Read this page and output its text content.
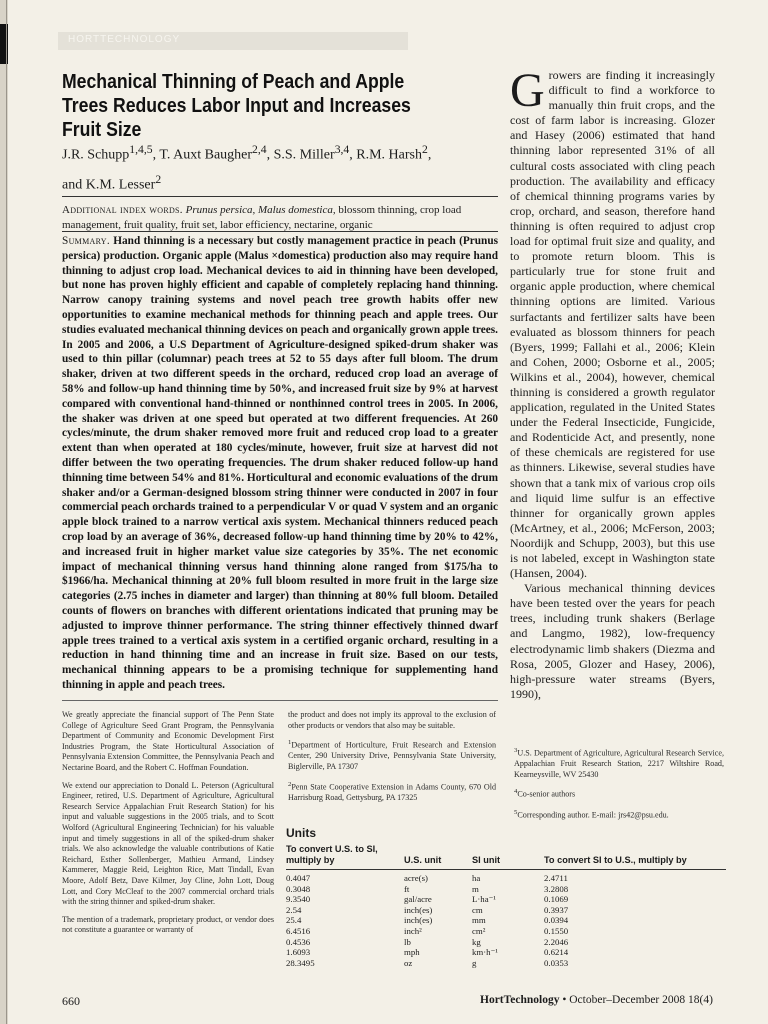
HORTTECHNOLOGY
Mechanical Thinning of Peach and Apple Trees Reduces Labor Input and Increases Fruit Size

J.R. Schupp$^{1,4,5}$, T. Auxt Baugher$^{2,4}$, S.S. Miller$^{3,4}$, R.M. Harsh$^2$,
and K.M. Lesser$^2$

Additional index words. Prunus persica, Malus domestica, blossom thinning, crop load management, fruit quality, fruit set, labor efficiency, nectarine, organic

Summary. Hand thinning is a necessary but costly management practice in peach (Prunus persica) production. Organic apple (Malus ×domestica) production also may require hand thinning to adjust crop load. Mechanical devices to aid in thinning have been developed, but none has proven highly efficient and capable of completely replacing hand thinning. Narrow canopy training systems and novel peach tree growth habits offer new opportunities to examine mechanical methods for thinning peach and apple trees. Our studies evaluated mechanical thinning devices on peach and organically grown apple trees. In 2005 and 2006, a U.S Department of Agriculture-designed spiked-drum shaker was used to thin pillar (columnar) peach trees at 52 to 55 days after full bloom. The drum shaker, driven at two different speeds in the orchard, reduced crop load an average of 58% and follow-up hand thinning time by 50%, and increased fruit size by 9% at harvest compared with conventional hand-thinned or nonthinned control trees in 2005. In 2006, the shaker was driven at one speed but operated at two different frequencies. At 260 cycles/minute, the drum shaker removed more fruit and reduced crop load to a greater extent than when operated at 180 cycles/minute, however, fruit size at harvest did not differ between the two operating frequencies. The drum shaker reduced follow-up hand thinning time between 54% and 81%. Horticultural and economic evaluations of the drum shaker and/or a German-designed blossom string thinner were conducted in 2007 in four commercial peach orchards trained to a perpendicular V or quad V system and an organic apple block trained to a narrow vertical axis system. Mechanical thinners reduced peach crop load by an average of 36%, decreased follow-up hand thinning time by 20% to 42%, and increased fruit in higher market value size categories by 35%. The net economic impact of mechanical thinning versus hand thinning alone ranged from $175/ha to $1966/ha. Mechanical thinning at 20% full bloom resulted in more fruit in the large size categories (2.75 inches in diameter and larger) than thinning at 80% full bloom. Detailed counts of flowers on branches with different orientations indicated that pruning may be adjusted to improve thinner performance. The string thinner effectively thinned dwarf apple trees trained to a vertical axis system in a certified organic orchard, resulting in a reduction in hand thinning time and an increase in fruit size. Based on our tests, mechanical thinning appears to be a promising technique for supplementing hand thinning in apple and peach trees.

Growers are finding it increasingly difficult to find a workforce to manually thin fruit crops, and the cost of farm labor is increasing. Glozer and Hasey (2006) estimated that hand thinning labor represented 31% of all cultural costs associated with cling peach production. The availability and efficacy of chemical thinning programs varies by crop, orchard, and season, therefore hand thinning is often required to adjust crop load for optimal fruit size and quality, and to promote return bloom. This is particularly true for stone fruit and organic apple production, where chemical thinning options are limited. Various surfactants and fertilizer salts have been evaluated as blossom thinners for peach (Byers, 1999; Fallahi et al., 2006; Klein and Cohen, 2000; Osborne et al., 2005; Wilkins et al., 2004), however, chemical thinning is considered a growth regulator application, regulated in the United States under the Federal Insecticide, Fungicide, and Rodenticide Act, and presently, none of these chemicals are registered for use as thinners. Likewise, several studies have shown that a tank mix of various crop oils and liquid lime sulfur is an effective thinner for organically grown apples (McArtney, et al., 2006; McFerson, 2003; Noordijk and Schupp, 2003), but this use is not labeled, except in Washington state (Hansen, 2004).
Various mechanical thinning devices have been tested over the years for peach trees, including trunk shakers (Berlage and Langmo, 1982), low-frequency electrodynamic limb shakers (Diezma and Rosa, 2005, Glozer and Hasey, 2006), high-pressure water streams (Byers, 1990),

We greatly appreciate the financial support of The Penn State College of Agriculture Seed Grant Program, the Pennsylvania Department of Community and Economic Development First Industries Program, the State Horticultural Association of Pennsylvania Extension Committee, the Pennsylvania Peach and Nectarine Board, and the Robert C. Hoffman Foundation.

We extend our appreciation to Donald L. Peterson (Agricultural Engineer, retired, U.S. Department of Agriculture, Agricultural Research Service Appalachian Fruit Research Station) for his input and valuable suggestions in the 2005 trials, and to Scott Wolford (Agricultural Engineering Technician) for his valuable input and timely suggestions in all of the spiked-drum shaker trials. We also acknowledge the valuable contributions of Katie Reichard, Esther Sollenberger, Mathieu Armand, Lindsey Kammerer, Maggie Reid, Leighton Rice, Matt Tindall, Evan Moore, Adolf Betz, Dave Kilmer, Joy Cline, John Lott, Doug Lott, and Cory McCleaf to the 2007 commercial orchard trials with the string thinner and spiked-drum shaker.

The mention of a trademark, proprietary product, or vendor does not constitute a guarantee or warranty of

the product and does not imply its approval to the exclusion of other products or vendors that also may be suitable.

$^1$Department of Horticulture, Fruit Research and Extension Center, 290 University Drive, Pennsylvania State University, Biglerville, PA 17307

$^2$Penn State Cooperative Extension in Adams County, 670 Old Harrisburg Road, Gettysburg, PA 17325

$^3$U.S. Department of Agriculture, Agricultural Research Service, Appalachian Fruit Research Station, 2217 Wiltshire Road, Kearneysville, WV 25430

$^4$Co-senior authors

$^5$Corresponding author. E-mail: jrs42@psu.edu.

Units
To convert U.S. to SI, multiply by	U.S. unit	SI unit	To convert SI to U.S., multiply by
0.4047	acre(s)	ha	2.4711
0.3048	ft	m	3.2808
9.3540	gal/acre	L·ha⁻¹	0.1069
2.54	inch(es)	cm	0.3937
25.4	inch(es)	mm	0.0394
6.4516	inch²	cm²	0.1550
0.4536	lb	kg	2.2046
1.6093	mph	km·h⁻¹	0.6214
28.3495	oz	g	0.0353
660	HortTechnology • October–December 2008 18(4)
